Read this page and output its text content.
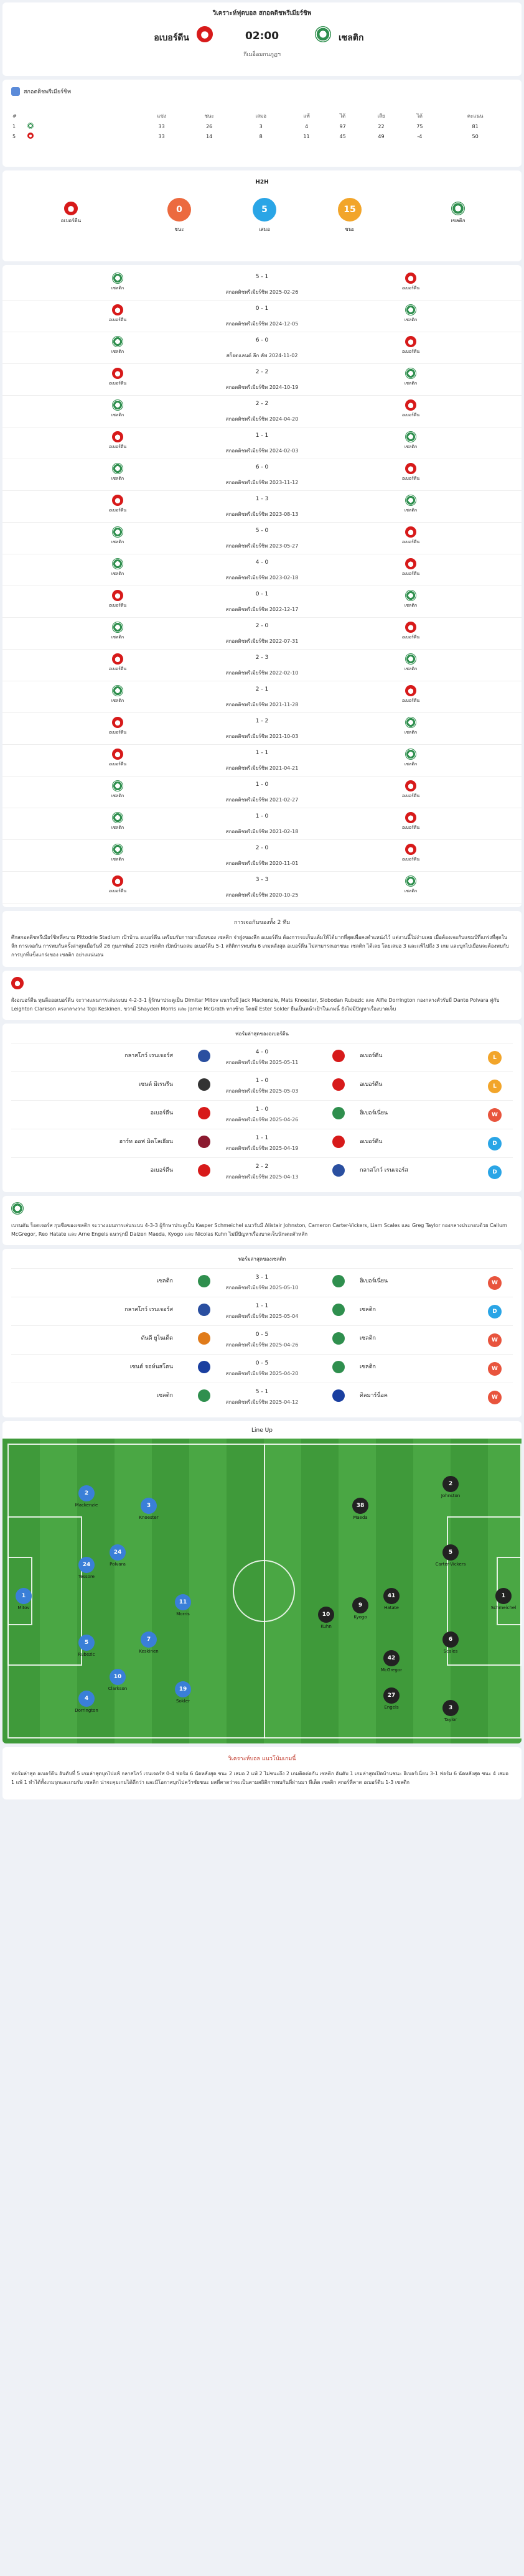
วิเคราะห์ฟุตบอล สกอตติชพรีเมียร์ชิพ
อเบอร์ดีน	02:00	เซลติก
กีเมอ็อมกนภูฏฯ
สกอตติชพรีเมียร์ชิพ
#		แข่ง	ชนะ	เสมอ	แพ้	ได้	เสีย	ได้	คะแนน
1		33	26	3	4	97	22	75	81
5		33	14	8	11	45	49	-4	50
H2H
อเบอร์ดีน
0
ชนะ
5
เสมอ
15
ชนะ
เซลติก
เซลติก
5 - 1
สกอตติชพรีเมียร์ชิพ 2025-02-26
อเบอร์ดีน
อเบอร์ดีน
0 - 1
สกอตติชพรีเมียร์ชิพ 2024-12-05
เซลติก
เซลติก
6 - 0
สก็อตแลนด์ ลีก คัพ 2024-11-02
อเบอร์ดีน
อเบอร์ดีน
2 - 2
สกอตติชพรีเมียร์ชิพ 2024-10-19
เซลติก
เซลติก
2 - 2
สกอตติชพรีเมียร์ชิพ 2024-04-20
อเบอร์ดีน
อเบอร์ดีน
1 - 1
สกอตติชพรีเมียร์ชิพ 2024-02-03
เซลติก
เซลติก
6 - 0
สกอตติชพรีเมียร์ชิพ 2023-11-12
อเบอร์ดีน
อเบอร์ดีน
1 - 3
สกอตติชพรีเมียร์ชิพ 2023-08-13
เซลติก
เซลติก
5 - 0
สกอตติชพรีเมียร์ชิพ 2023-05-27
อเบอร์ดีน
เซลติก
4 - 0
สกอตติชพรีเมียร์ชิพ 2023-02-18
อเบอร์ดีน
อเบอร์ดีน
0 - 1
สกอตติชพรีเมียร์ชิพ 2022-12-17
เซลติก
เซลติก
2 - 0
สกอตติชพรีเมียร์ชิพ 2022-07-31
อเบอร์ดีน
อเบอร์ดีน
2 - 3
สกอตติชพรีเมียร์ชิพ 2022-02-10
เซลติก
เซลติก
2 - 1
สกอตติชพรีเมียร์ชิพ 2021-11-28
อเบอร์ดีน
อเบอร์ดีน
1 - 2
สกอตติชพรีเมียร์ชิพ 2021-10-03
เซลติก
อเบอร์ดีน
1 - 1
สกอตติชพรีเมียร์ชิพ 2021-04-21
เซลติก
เซลติก
1 - 0
สกอตติชพรีเมียร์ชิพ 2021-02-27
อเบอร์ดีน
เซลติก
1 - 0
สกอตติชพรีเมียร์ชิพ 2021-02-18
อเบอร์ดีน
เซลติก
2 - 0
สกอตติชพรีเมียร์ชิพ 2020-11-01
อเบอร์ดีน
อเบอร์ดีน
3 - 3
สกอตติชพรีเมียร์ชิพ 2020-10-25
เซลติก
การเจอกันของทั้ง 2 ทีม

ศึกสกอตติชพรีเมียร์ชิพที่สนาม Pittodrie Stadium เป้าบ้าน อเบอร์ดีน เตรียมรับการมาเยือนของ เซลติก จ่าฝูงของลีก อเบอร์ดีน ต้องการจะเก็บแต้มให้ได้มากที่สุดเพื่อคงตำแหน่งไว้ แต่งานนี้ไม่ง่ายเลย เมื่อต้องเจอกับแชมป์ที่แกร่งที่สุดในลีก การเจอกัน การพบกันครั้งล่าสุดเมื่อวันที่ 26 กุมภาพันธ์ 2025 เซลติก เปิดบ้านถล่ม อเบอร์ดีน 5-1 สถิติการพบกัน 6 เกมหลังสุด อเบอร์ดีน ไม่สามารถเอาชนะ เซลติก ได้เลย โดยเสมอ 3 และแพ้ไปถึง 3 เกม และบุกไปเยือนจะต้องพบกับการบุกที่แข็งแกร่งของ เซลติก อย่างแน่นอน

ฝั่งอเบอร์ดีน ทุนลีอออเบอร์ดีน จะวางแผนการเล่นระบบ 4-2-3-1 ผู้รักษาประตูเป็น Dimitar Mitov แนวรับมี Jack Mackenzie, Mats Knoester, Slobodan Rubezic และ Alfie Dorrington กองกลางตัวรับมี Dante Polvara คู่กับ Leighton Clarkson ตรงกลางวาง Topi Keskinen, ขวามี Shayden Morris และ Jamie McGrath ทางซ้าย โดยมี Ester Sokler ยืนเป็นหน้าเป้าในเกมนี้ ยังไม่มีปัญหาเรื่องบาดเจ็บ

ฟอร์มล่าสุดของอเบอร์ดีน
กลาสโกว์ เรนเจอร์ส
4 - 0
สกอตติชพรีเมียร์ชิพ 2025-05-11
อเบอร์ดีน	L
เซนต์ มิเรนรีน
1 - 0
สกอตติชพรีเมียร์ชิพ 2025-05-03
อเบอร์ดีน	L
อเบอร์ดีน
1 - 0
สกอตติชพรีเมียร์ชิพ 2025-04-26
ฮิเบอร์เนี่ยน	W
ฮาร์ท ออฟ มิดโลเธียน
1 - 1
สกอตติชพรีเมียร์ชิพ 2025-04-19
อเบอร์ดีน	D
อเบอร์ดีน
2 - 2
สกอตติชพรีเมียร์ชิพ 2025-04-13
กลาสโกว์ เรนเจอร์ส	D

เบรนดัน ร็อดเจอร์ส กุนซือของเซลติก จะวางแผนการเล่นระบบ 4-3-3 ผู้รักษาประตูเป็น Kasper Schmeichel แนวรับมี Alistair Johnston, Cameron Carter-Vickers, Liam Scales และ Greg Taylor กองกลางประกอบด้วย Callum McGregor, Reo Hatate และ Arne Engels แนวรุกมี Daizen Maeda, Kyogo และ Nicolas Kuhn ไม่มีปัญหาเรื่องบาดเจ็บนักเตะตัวหลัก

ฟอร์มล่าสุดของเซลติก
เซลติก
3 - 1
สกอตติชพรีเมียร์ชิพ 2025-05-10
ฮิเบอร์เนี่ยน	W
กลาสโกว์ เรนเจอร์ส
1 - 1
สกอตติชพรีเมียร์ชิพ 2025-05-04
เซลติก	D
ดันดี ยูไนเต็ด
0 - 5
สกอตติชพรีเมียร์ชิพ 2025-04-26
เซลติก	W
เซนต์ จอห์นสโตน
0 - 5
สกอตติชพรีเมียร์ชิพ 2025-04-20
เซลติก	W
เซลติก
5 - 1
สกอตติชพรีเมียร์ชิพ 2025-04-12
คิลมาร์น็อค	W
Line Up
1
Mitov
2
Mackenzie
24
Polvara
3
Knoester
5
Rubezic
4
Dorrington
24
Tessore
10
Clarkson
7
Keskinen
19
Sokler
11
Morris
1
Schmeichel
2
Johnston
5
Carter-Vickers
6
Scales
3
Taylor
41
Hatate
42
McGregor
27
Engels
38
Maeda
9
Kyogo
10
Kuhn
วิเคราะห์บอล แนวโน้มเกมนี้

ฟอร์มล่าสุด อเบอร์ดีน อันดับที่ 5 เกมล่าสุดบุกไปแพ้ กลาสโกว์ เรนเจอร์ส 0-4 ฟอร์ม 6 นัดหลังสุด ชนะ 2 เสมอ 2 แพ้ 2 ไม่ชนะถึง 2 เกมติดต่อกัน เซลติก อันดับ 1 เกมล่าสุดเปิดบ้านชนะ ฮิเบอร์เนี่ยน 3-1 ฟอร์ม 6 นัดหลังสุด ชนะ 4 เสมอ 1 แพ้ 1 ทำได้ทั้งเกมรุกและเกมรับ เซลติก น่าจะคุมเกมได้ดีกว่า และมีโอกาสบุกไปคว้าชัยชนะ ผลที่คาดว่าจะเป็นตามสถิติการพบกันที่ผ่านมา ทีเด็ด เซลติก สกอร์ที่คาด อเบอร์ดีน 1-3 เซลติก
